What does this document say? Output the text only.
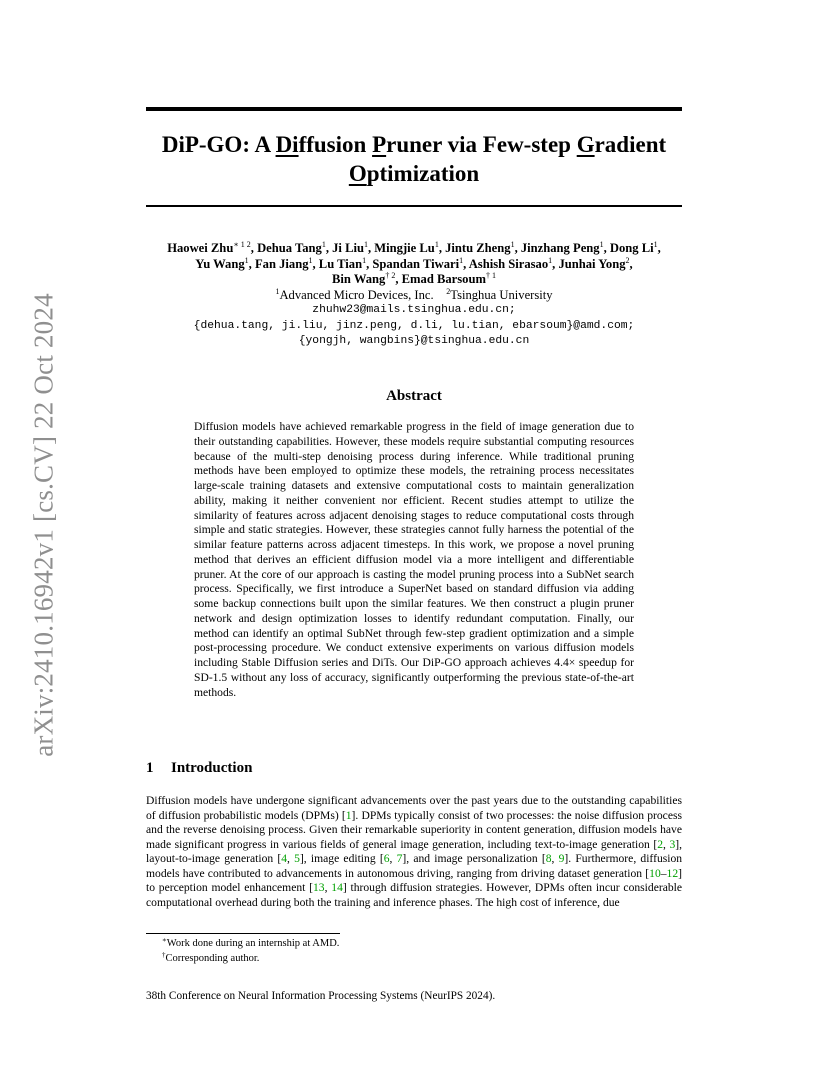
arXiv:2410.16942v1 [cs.CV] 22 Oct 2024
DiP-GO: A Diffusion Pruner via Few-step Gradient
Optimization
Haowei Zhu$^{∗ 1 2}$, Dehua Tang$^1$, Ji Liu$^1$, Mingjie Lu$^1$, Jintu Zheng$^1$, Jinzhang Peng$^1$, Dong Li$^1$,
Yu Wang$^1$, Fan Jiang$^1$, Lu Tian$^1$, Spandan Tiwari$^1$, Ashish Sirasao$^1$, Junhai Yong$^2$,
Bin Wang$^{\dagger 2}$, Emad Barsoum$^{\dagger 1}$
$^1$Advanced Micro Devices, Inc. $^2$Tsinghua University
zhuhw23@mails.tsinghua.edu.cn;
{dehua.tang, ji.liu, jinz.peng, d.li, lu.tian, ebarsoum}@amd.com;
{yongjh, wangbins}@tsinghua.edu.cn
Abstract
Diffusion models have achieved remarkable progress in the field of image generation due to their outstanding capabilities. However, these models require substantial computing resources because of the multi-step denoising process during inference. While traditional pruning methods have been employed to optimize these models, the retraining process necessitates large-scale training datasets and extensive computational costs to maintain generalization ability, making it neither convenient nor efficient. Recent studies attempt to utilize the similarity of features across adjacent denoising stages to reduce computational costs through simple and static strategies. However, these strategies cannot fully harness the potential of the similar feature patterns across adjacent timesteps. In this work, we propose a novel pruning method that derives an efficient diffusion model via a more intelligent and differentiable pruner. At the core of our approach is casting the model pruning process into a SubNet search process. Specifically, we first introduce a SuperNet based on standard diffusion via adding some backup connections built upon the similar features. We then construct a plugin pruner network and design optimization losses to identify redundant computation. Finally, our method can identify an optimal SubNet through few-step gradient optimization and a simple post-processing procedure. We conduct extensive experiments on various diffusion models including Stable Diffusion series and DiTs. Our DiP-GO approach achieves 4.4× speedup for SD-1.5 without any loss of accuracy, significantly outperforming the previous state-of-the-art methods.
1 Introduction
Diffusion models have undergone significant advancements over the past years due to the outstanding capabilities of diffusion probabilistic models (DPMs) [1]. DPMs typically consist of two processes: the noise diffusion process and the reverse denoising process. Given their remarkable superiority in content generation, diffusion models have made significant progress in various fields of general image generation, including text-to-image generation [2, 3], layout-to-image generation [4, 5], image editing [6, 7], and image personalization [8, 9]. Furthermore, diffusion models have contributed to advancements in autonomous driving, ranging from driving dataset generation [10–12] to perception model enhancement [13, 14] through diffusion strategies. However, DPMs often incur considerable computational overhead during both the training and inference phases. The high cost of inference, due
∗Work done during an internship at AMD.
†Corresponding author.
38th Conference on Neural Information Processing Systems (NeurIPS 2024).
